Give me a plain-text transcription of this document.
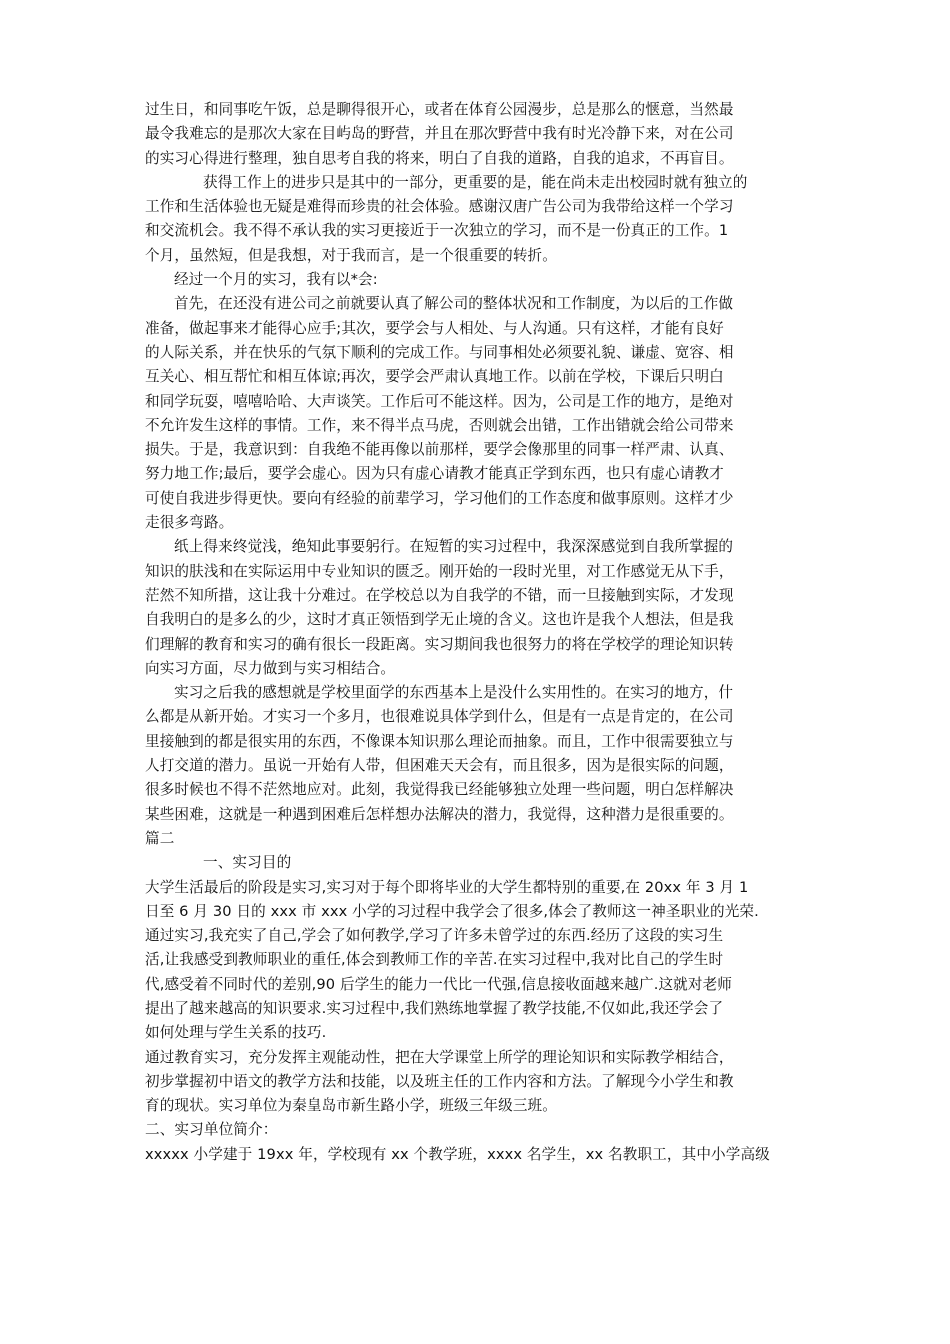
过生日，和同事吃午饭，总是聊得很开心，或者在体育公园漫步，总是那么的惬意，当然最
最令我难忘的是那次大家在目屿岛的野营，并且在那次野营中我有时光冷静下来，对在公司
的实习心得进行整理，独自思考自我的将来，明白了自我的道路，自我的追求，不再盲目。
获得工作上的进步只是其中的一部分，更重要的是，能在尚未走出校园时就有独立的
工作和生活体验也无疑是难得而珍贵的社会体验。感谢汉唐广告公司为我带给这样一个学习
和交流机会。我不得不承认我的实习更接近于一次独立的学习，而不是一份真正的工作。1
个月，虽然短，但是我想，对于我而言，是一个很重要的转折。
经过一个月的实习，我有以*会:
首先，在还没有进公司之前就要认真了解公司的整体状况和工作制度，为以后的工作做
准备，做起事来才能得心应手;其次，要学会与人相处、与人沟通。只有这样，才能有良好
的人际关系，并在快乐的气氛下顺利的完成工作。与同事相处必须要礼貌、谦虚、宽容、相
互关心、相互帮忙和相互体谅;再次，要学会严肃认真地工作。以前在学校，下课后只明白
和同学玩耍，嘻嘻哈哈、大声谈笑。工作后可不能这样。因为，公司是工作的地方，是绝对
不允许发生这样的事情。工作，来不得半点马虎，否则就会出错，工作出错就会给公司带来
损失。于是，我意识到：自我绝不能再像以前那样，要学会像那里的同事一样严肃、认真、
努力地工作;最后，要学会虚心。因为只有虚心请教才能真正学到东西，也只有虚心请教才
可使自我进步得更快。要向有经验的前辈学习，学习他们的工作态度和做事原则。这样才少
走很多弯路。
纸上得来终觉浅，绝知此事要躬行。在短暂的实习过程中，我深深感觉到自我所掌握的
知识的肤浅和在实际运用中专业知识的匮乏。刚开始的一段时光里，对工作感觉无从下手，
茫然不知所措，这让我十分难过。在学校总以为自我学的不错，而一旦接触到实际，才发现
自我明白的是多么的少，这时才真正领悟到学无止境的含义。这也许是我个人想法，但是我
们理解的教育和实习的确有很长一段距离。实习期间我也很努力的将在学校学的理论知识转
向实习方面，尽力做到与实习相结合。
实习之后我的感想就是学校里面学的东西基本上是没什么实用性的。在实习的地方，什
么都是从新开始。才实习一个多月，也很难说具体学到什么，但是有一点是肯定的，在公司
里接触到的都是很实用的东西，不像课本知识那么理论而抽象。而且，工作中很需要独立与
人打交道的潜力。虽说一开始有人带，但困难天天会有，而且很多，因为是很实际的问题，
很多时候也不得不茫然地应对。此刻，我觉得我已经能够独立处理一些问题，明白怎样解决
某些困难，这就是一种遇到困难后怎样想办法解决的潜力，我觉得，这种潜力是很重要的。
篇二
一、实习目的
大学生活最后的阶段是实习,实习对于每个即将毕业的大学生都特别的重要,在 20xx 年 3 月 1
日至 6 月 30 日的 xxx 市 xxx 小学的习过程中我学会了很多,体会了教师这一神圣职业的光荣.
通过实习,我充实了自己,学会了如何教学,学习了许多未曾学过的东西.经历了这段的实习生
活,让我感受到教师职业的重任,体会到教师工作的辛苦.在实习过程中,我对比自己的学生时
代,感受着不同时代的差别,90 后学生的能力一代比一代强,信息接收面越来越广.这就对老师
提出了越来越高的知识要求.实习过程中,我们熟练地掌握了教学技能,不仅如此,我还学会了
如何处理与学生关系的技巧.
通过教育实习，充分发挥主观能动性，把在大学课堂上所学的理论知识和实际教学相结合，
初步掌握初中语文的教学方法和技能，以及班主任的工作内容和方法。了解现今小学生和教
育的现状。实习单位为秦皇岛市新生路小学，班级三年级三班。
二、实习单位简介：
xxxxx 小学建于 19xx 年，学校现有 xx 个教学班，xxxx 名学生，xx 名教职工，其中小学高级
